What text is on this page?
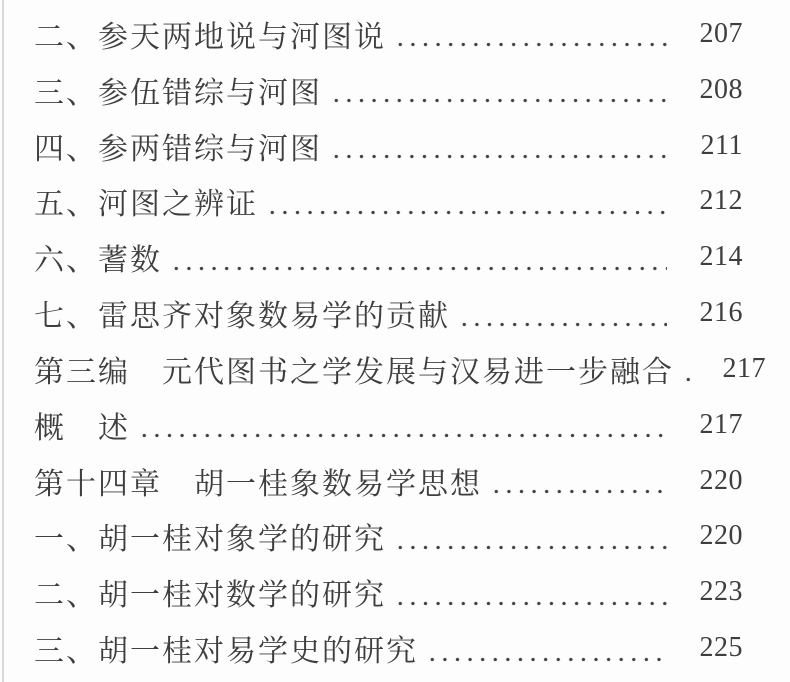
二、参天两地说与河图说	207
三、参伍错综与河图	208
四、参两错综与河图	211
五、河图之辨证	212
六、蓍数	214
七、雷思齐对象数易学的贡献	216
第三编　元代图书之学发展与汉易进一步融合	217
概　述	217
第十四章　胡一桂象数易学思想	220
一、胡一桂对象学的研究	220
二、胡一桂对数学的研究	223
三、胡一桂对易学史的研究	225
